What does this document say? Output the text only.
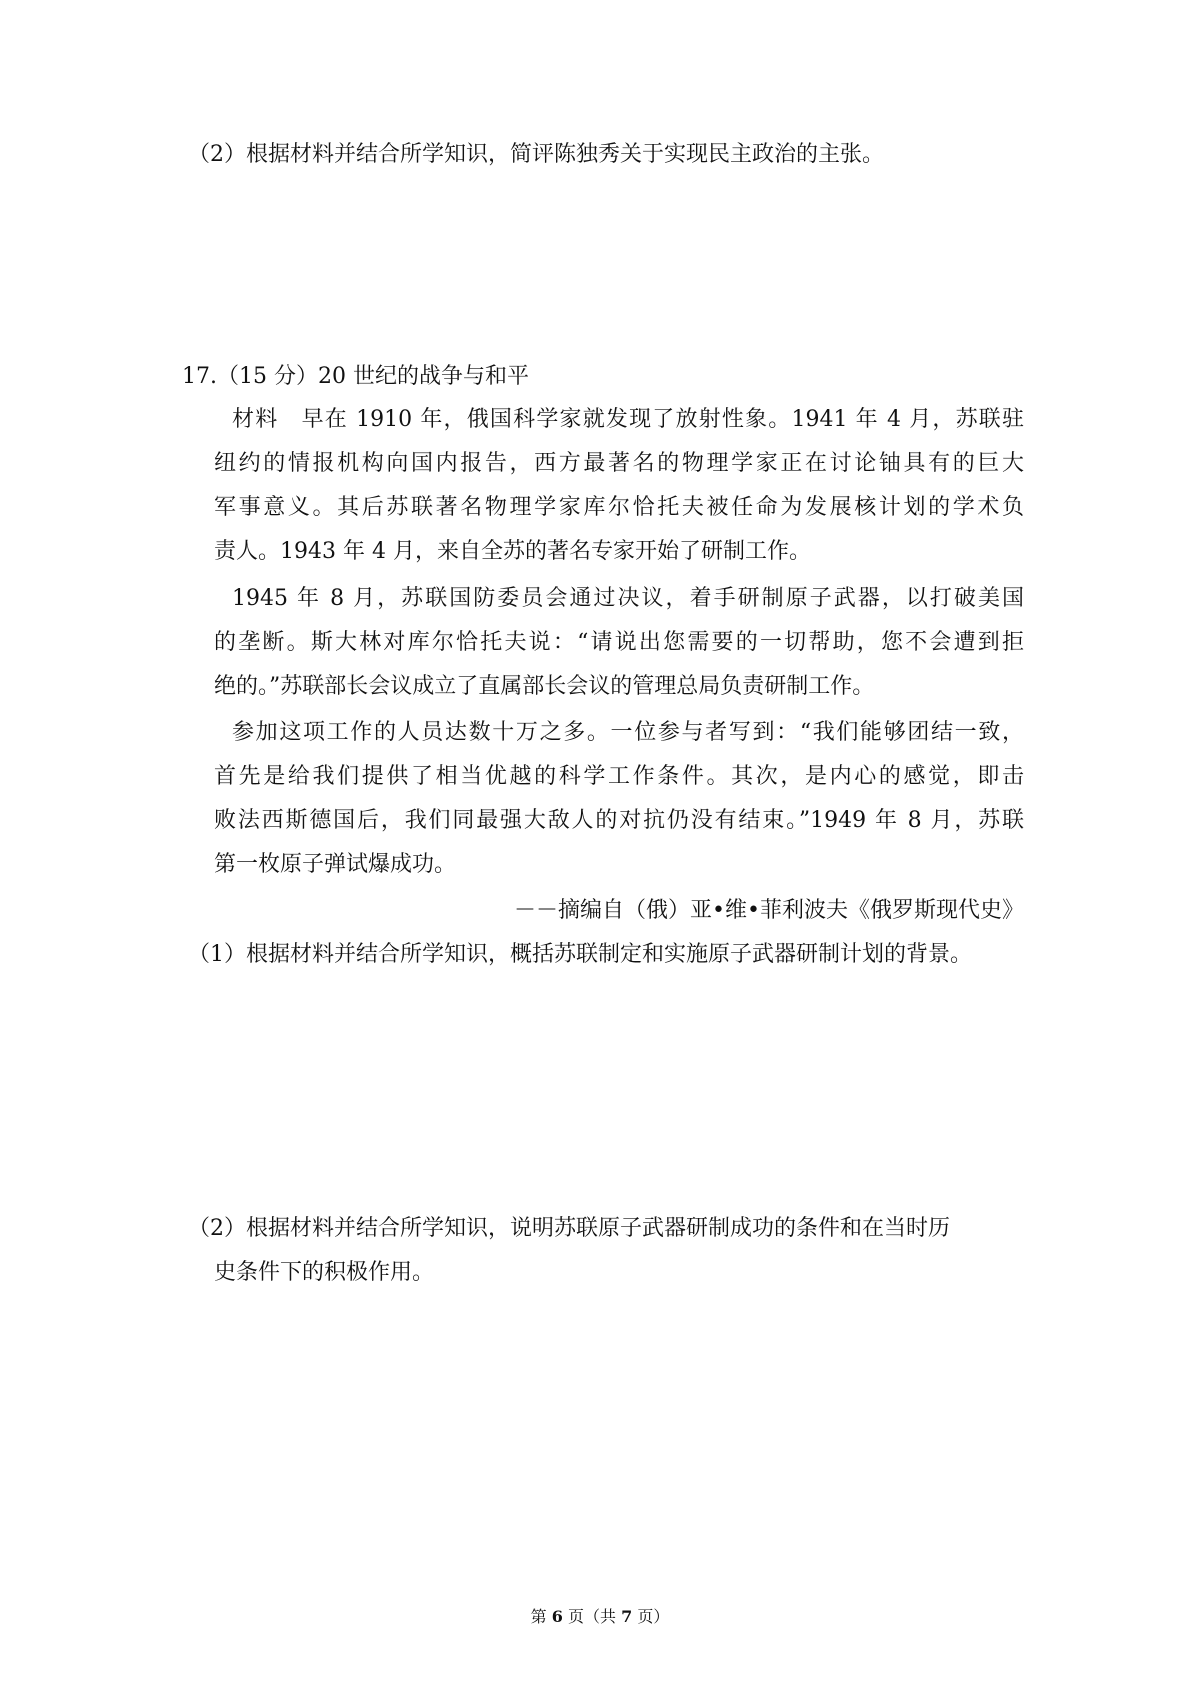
（2）根据材料并结合所学知识，简评陈独秀关于实现民主政治的主张。
17.（15 分）20 世纪的战争与和平
材料　早在 1910 年，俄国科学家就发现了放射性象。1941 年 4 月，苏联驻
纽约的情报机构向国内报告，西方最著名的物理学家正在讨论铀具有的巨大
军事意义。其后苏联著名物理学家库尔恰托夫被任命为发展核计划的学术负
责人。1943 年 4 月，来自全苏的著名专家开始了研制工作。
1945 年 8 月，苏联国防委员会通过决议，着手研制原子武器，以打破美国
的垄断。斯大林对库尔恰托夫说：“请说出您需要的一切帮助，您不会遭到拒
绝的。”苏联部长会议成立了直属部长会议的管理总局负责研制工作。
参加这项工作的人员达数十万之多。一位参与者写到：“我们能够团结一致，
首先是给我们提供了相当优越的科学工作条件。其次，是内心的感觉，即击
败法西斯德国后，我们同最强大敌人的对抗仍没有结束。”1949 年 8 月，苏联
第一枚原子弹试爆成功。
－－摘编自（俄）亚•维•菲利波夫《俄罗斯现代史》
（1）根据材料并结合所学知识，概括苏联制定和实施原子武器研制计划的背景。
（2）根据材料并结合所学知识，说明苏联原子武器研制成功的条件和在当时历
史条件下的积极作用。
第 6 页（共 7 页）
